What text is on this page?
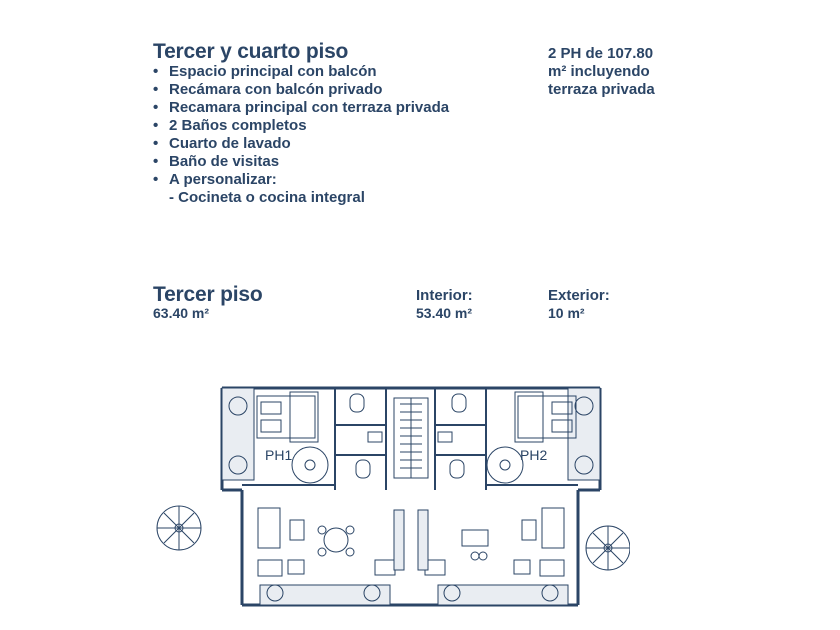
Tercer y cuarto piso
• Espacio principal con balcón
• Recámara con balcón privado
• Recamara principal con terraza privada
• 2 Baños completos
• Cuarto de lavado
• Baño de visitas
• A personalizar:
- Cocineta o cocina integral
2 PH de 107.80
m² incluyendo
terraza privada
Tercer piso
63.40 m²
Interior:
53.40 m²
Exterior:
10 m²
PH1	PH2
